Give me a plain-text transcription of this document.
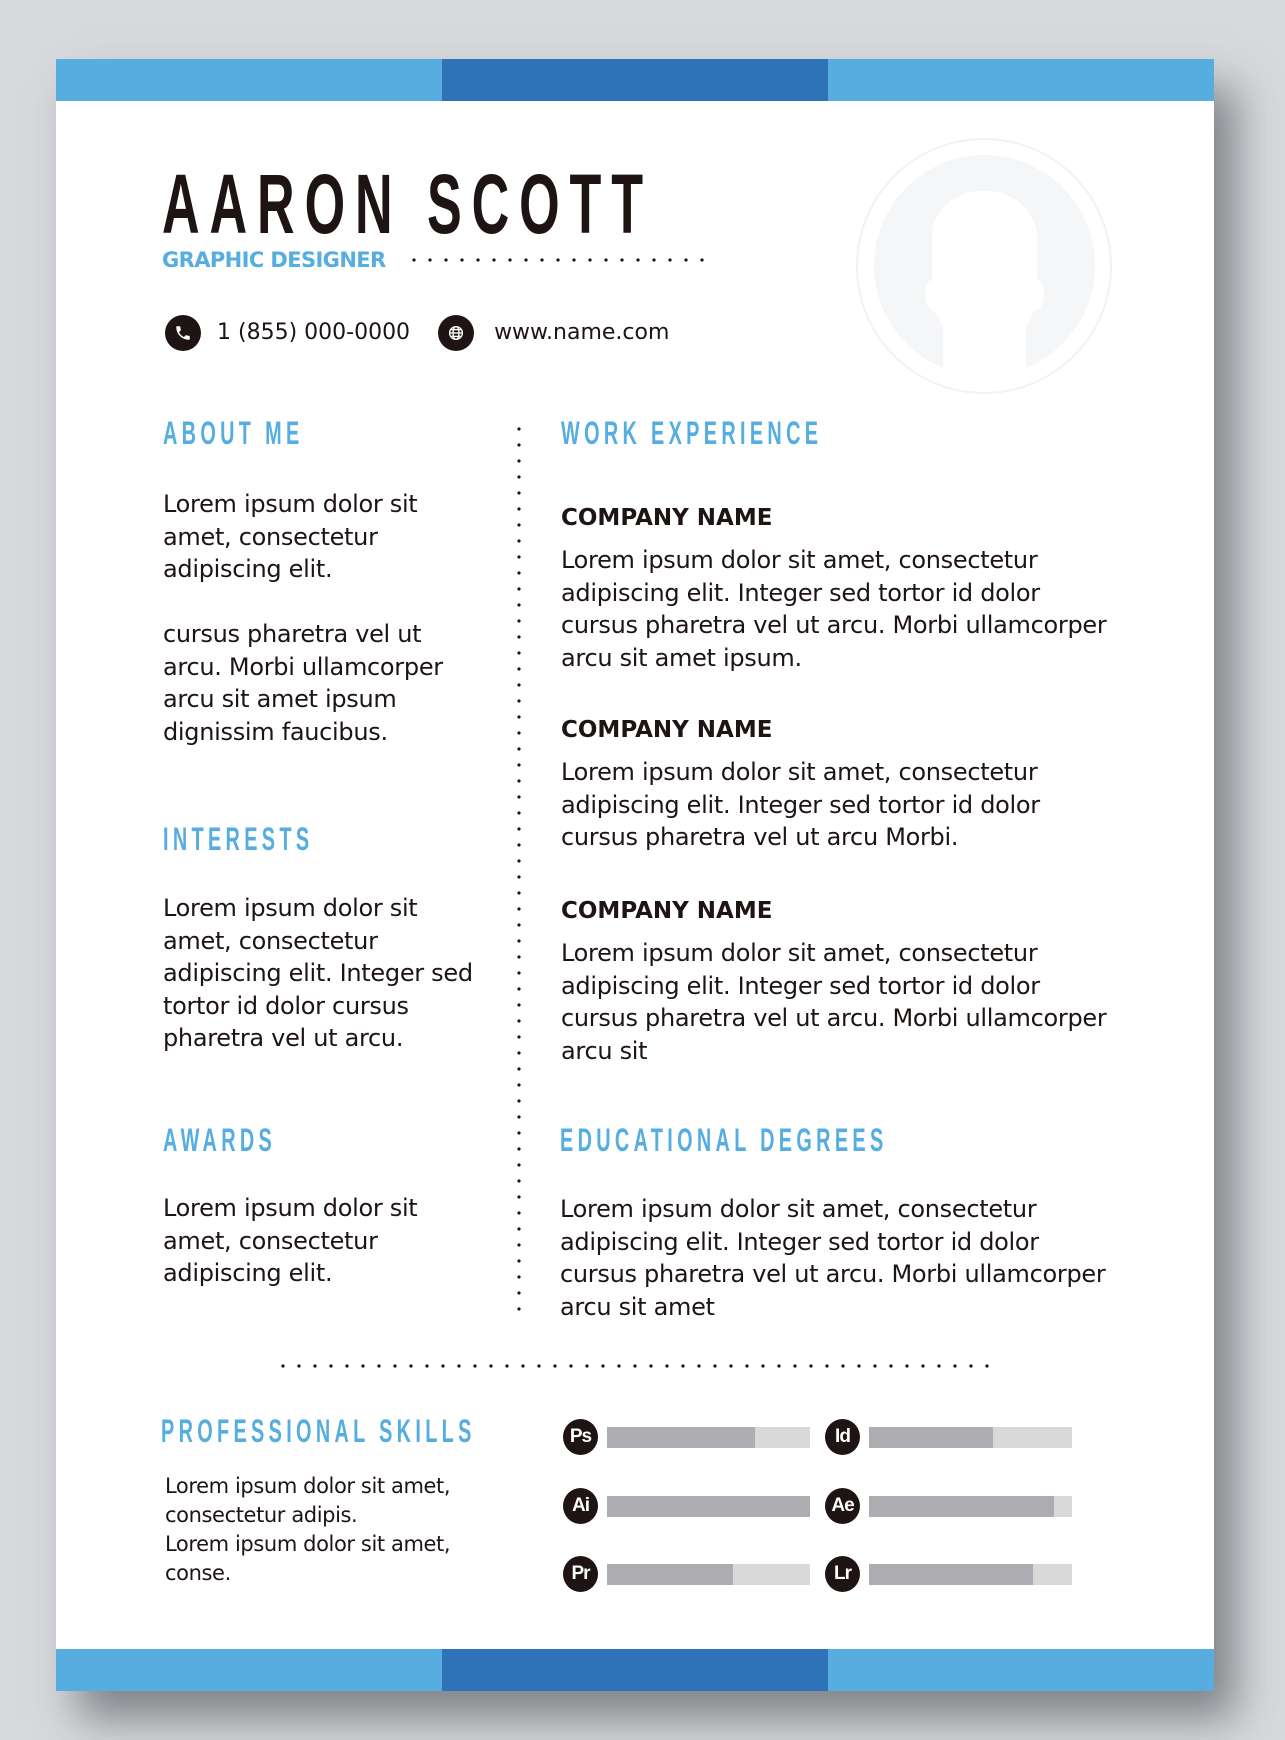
AARON SCOTT
GRAPHIC DESIGNER
1 (855) 000-0000	www.name.com
ABOUT ME

Lorem ipsum dolor sit amet, consectetur adipiscing elit.

cursus pharetra vel ut arcu. Morbi ullamcorper arcu sit amet ipsum dignissim faucibus.

INTERESTS

Lorem ipsum dolor sit amet, consectetur adipiscing elit. Integer sed tortor id dolor cursus pharetra vel ut arcu.

AWARDS

Lorem ipsum dolor sit amet, consectetur adipiscing elit.

WORK EXPERIENCE
COMPANY NAME

Lorem ipsum dolor sit amet, consectetur adipiscing elit. Integer sed tortor id dolor cursus pharetra vel ut arcu. Morbi ullamcorper arcu sit amet ipsum.

COMPANY NAME

Lorem ipsum dolor sit amet, consectetur adipiscing elit. Integer sed tortor id dolor cursus pharetra vel ut arcu Morbi.

COMPANY NAME

Lorem ipsum dolor sit amet, consectetur adipiscing elit. Integer sed tortor id dolor cursus pharetra vel ut arcu. Morbi ullamcorper arcu sit

EDUCATIONAL DEGREES

Lorem ipsum dolor sit amet, consectetur adipiscing elit. Integer sed tortor id dolor cursus pharetra vel ut arcu. Morbi ullamcorper arcu sit amet

PROFESSIONAL SKILLS

Lorem ipsum dolor sit amet,

consectetur adipis.

Lorem ipsum dolor sit amet,

conse.

Ps	Id
Ai	Ae
Pr	Lr
